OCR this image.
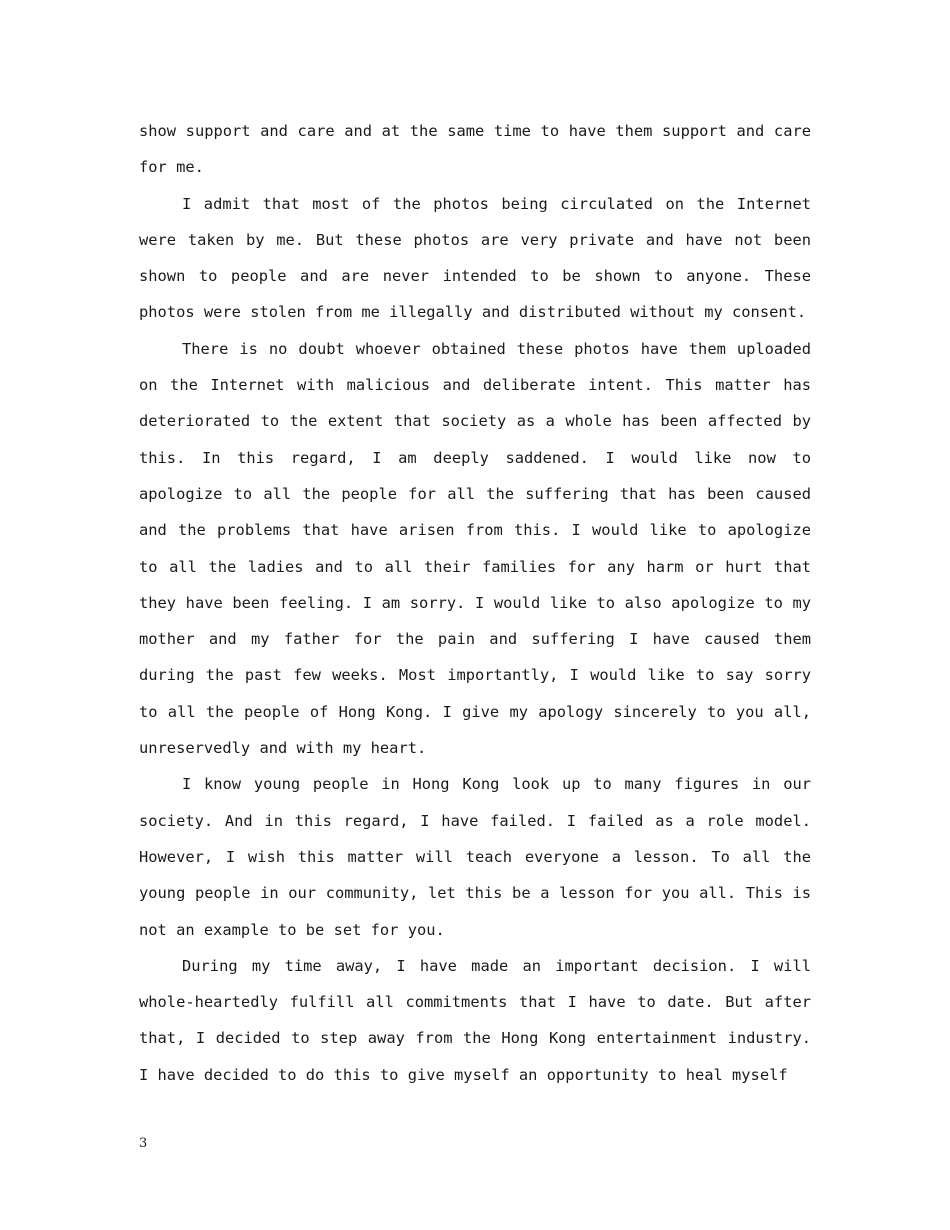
show support and care and at the same time to have them support and care for me.

I admit that most of the photos being circulated on the Internet were taken by me. But these photos are very private and have not been shown to people and are never intended to be shown to anyone. These photos were stolen from me illegally and distributed without my consent.

There is no doubt whoever obtained these photos have them uploaded on the Internet with malicious and deliberate intent. This matter has deteriorated to the extent that society as a whole has been affected by this. In this regard, I am deeply saddened. I would like now to apologize to all the people for all the suffering that has been caused and the problems that have arisen from this. I would like to apologize to all the ladies and to all their families for any harm or hurt that they have been feeling. I am sorry. I would like to also apologize to my mother and my father for the pain and suffering I have caused them during the past few weeks. Most importantly, I would like to say sorry to all the people of Hong Kong. I give my apology sincerely to you all, unreservedly and with my heart.

I know young people in Hong Kong look up to many figures in our society. And in this regard, I have failed. I failed as a role model. However, I wish this matter will teach everyone a lesson. To all the young people in our community, let this be a lesson for you all. This is not an example to be set for you.

During my time away, I have made an important decision. I will whole-heartedly fulfill all commitments that I have to date. But after that, I decided to step away from the Hong Kong entertainment industry. I have decided to do this to give myself an opportunity to heal myself

3
